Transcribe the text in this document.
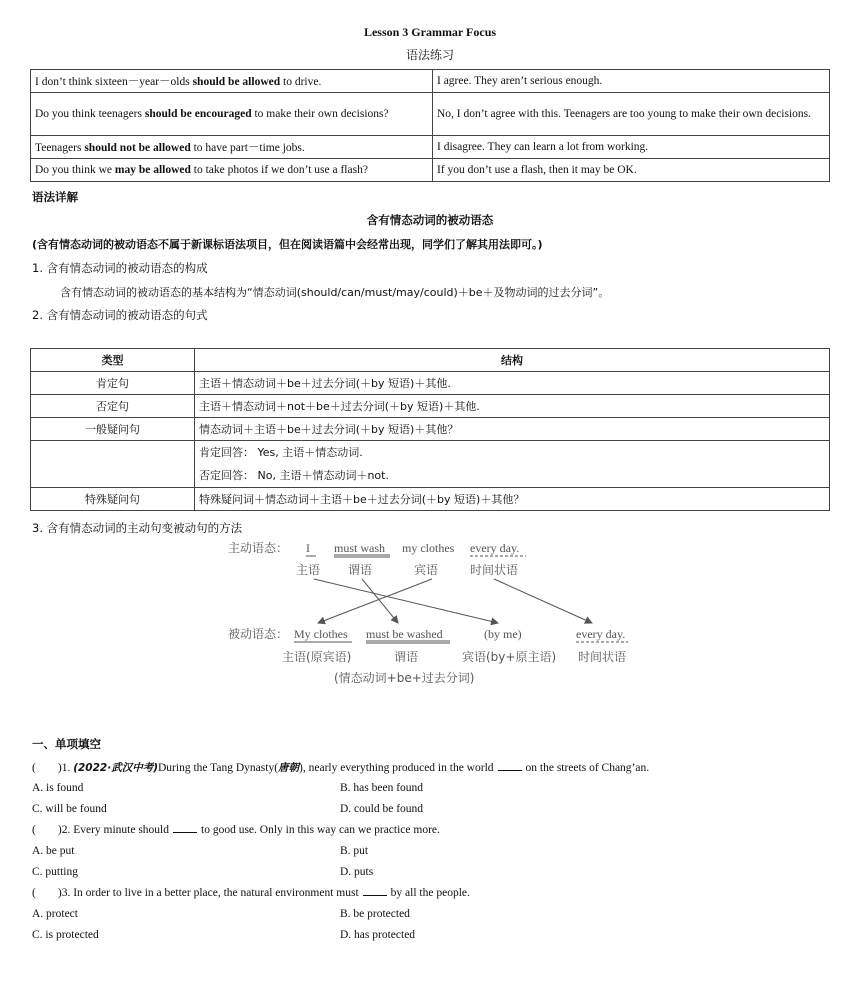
Lesson 3 Grammar Focus
语法练习
I don’t think sixteen－year－olds should be allowed to drive.	I agree. They aren’t serious enough.
Do you think teenagers should be encouraged to make their own decisions?	No, I don’t agree with this. Teenagers are too young to make their own decisions.
Teenagers should not be allowed to have part－time jobs.	I disagree. They can learn a lot from working.
Do you think we may be allowed to take photos if we don’t use a flash?	If you don’t use a flash, then it may be OK.
语法详解
含有情态动词的被动语态
(含有情态动词的被动语态不属于新课标语法项目，但在阅读语篇中会经常出现，同学们了解其用法即可。)
1. 含有情态动词的被动语态的构成
含有情态动词的被动语态的基本结构为“情态动词(should/can/must/may/could)＋be＋及物动词的过去分词”。
2. 含有情态动词的被动语态的句式
类型	结构
肯定句	主语＋情态动词＋be＋过去分词(＋by 短语)＋其他.
否定句	主语＋情态动词＋not＋be＋过去分词(＋by 短语)＋其他.
一般疑问句	情态动词＋主语＋be＋过去分词(＋by 短语)＋其他？

	肯定回答： Yes, 主语＋情态动词.
否定回答： No, 主语＋情态动词＋not.

特殊疑问句	特殊疑问词＋情态动词＋主语＋be＋过去分词(＋by 短语)＋其他？
3. 含有情态动词的主动句变被动句的方法
主动语态： I must wash my clothes every day.
主语 谓语	宾语	时间状语
被动语态： My clothes must be washed	(by me)	every day.
主语(原宾语)	谓语	宾语(by+原主语) 时间状语
(情态动词+be+过去分词)
一、单项填空
( )1. (2022·武汉中考)During the Tang Dynasty(唐朝), nearly everything produced in the world	on the streets of Chang’an.
A. is found	B. has been found
C. will be found	D. could be found
( )2. Every minute should	to good use. Only in this way can we practice more.
A. be put	B. put
C. putting	D. puts
( )3. In order to live in a better place, the natural environment must	by all the people.
A. protect	B. be protected
C. is protected	D. has protected
